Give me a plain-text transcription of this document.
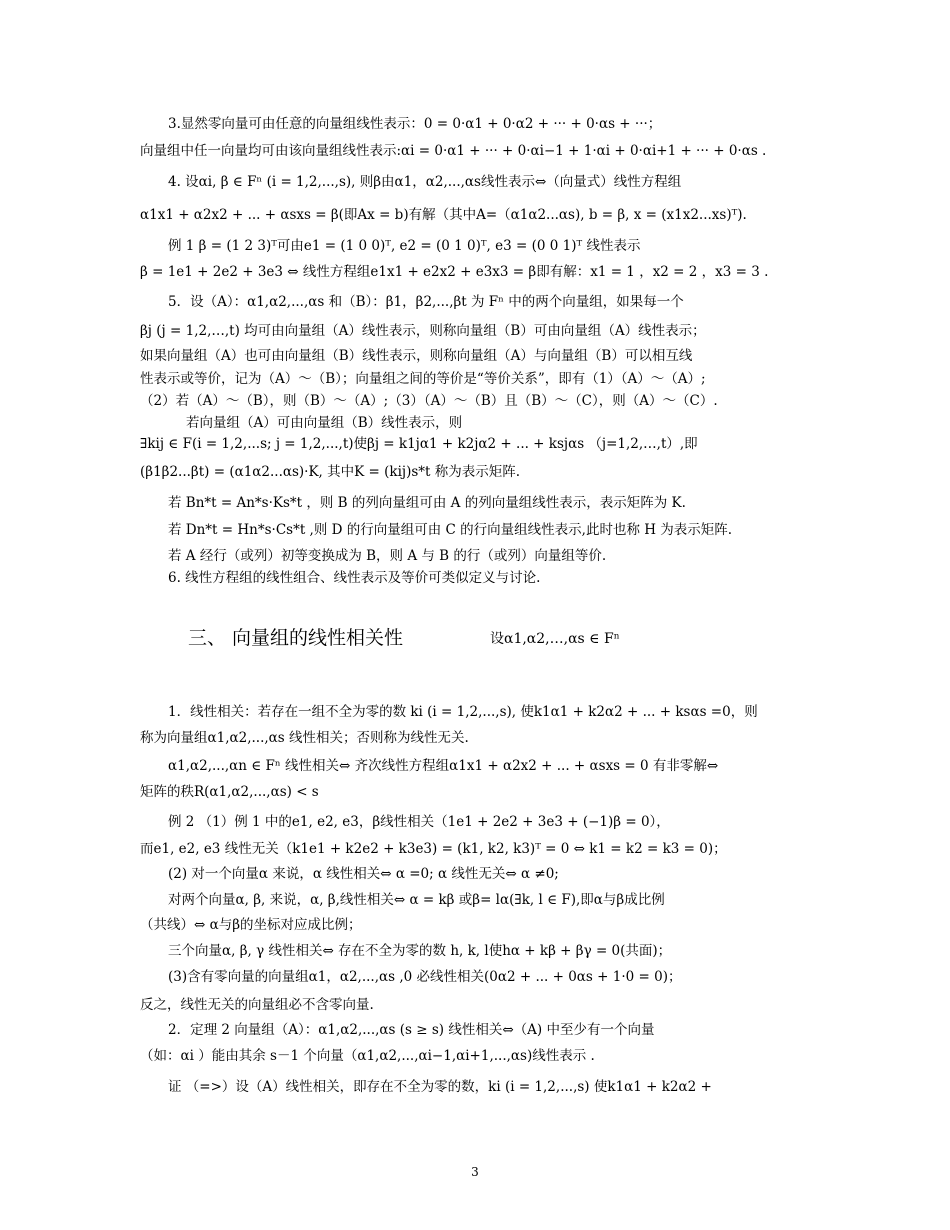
3.显然零向量可由任意的向量组线性表示：0 = 0·α1 + 0·α2 + ··· + 0·αs + ···；
向量组中任一向量均可由该向量组线性表示:αi = 0·α1 + ··· + 0·αi−1 + 1·αi + 0·αi+1 + ··· + 0·αs .
4. 设αi, β ∈ Fⁿ (i = 1,2,...,s), 则β由α1，α2,...,αs线性表示⇔（向量式）线性方程组
α1x1 + α2x2 + ... + αsxs = β(即Ax = b)有解（其中A=（α1α2...αs), b = β, x = (x1x2...xs)ᵀ).
例 1 β = (1 2 3)ᵀ可由e1 = (1 0 0)ᵀ, e2 = (0 1 0)ᵀ, e3 = (0 0 1)ᵀ 线性表示
β = 1e1 + 2e2 + 3e3 ⇔ 线性方程组e1x1 + e2x2 + e3x3 = β即有解：x1 = 1 ，x2 = 2 ，x3 = 3 .
5．设（A）：α1,α2,...,αs 和（B）：β1，β2,...,βt 为 Fⁿ 中的两个向量组，如果每一个
βj (j = 1,2,…,t) 均可由向量组（A）线性表示，则称向量组（B）可由向量组（A）线性表示；
如果向量组（A）也可由向量组（B）线性表示，则称向量组（A）与向量组（B）可以相互线
性表示或等价，记为（A）～（B）；向量组之间的等价是“等价关系”，即有（1）（A）～（A）;
（2）若（A）～（B），则（B）～（A）;（3）（A）～（B）且（B）～（C），则（A）～（C）.
若向量组（A）可由向量组（B）线性表示，则
∃kij ∈ F(i = 1,2,...s; j = 1,2,...,t)使βj = k1jα1 + k2jα2 + ... + ksjαs （j=1,2,…,t）,即
(β1β2...βt) = (α1α2...αs)·K, 其中K = (kij)s*t 称为表示矩阵.
若 Bn*t = An*s·Ks*t ，则 B 的列向量组可由 A 的列向量组线性表示，表示矩阵为 K.
若 Dn*t = Hn*s·Cs*t ,则 D 的行向量组可由 C 的行向量组线性表示,此时也称 H 为表示矩阵.
若 A 经行（或列）初等变换成为 B，则 A 与 B 的行（或列）向量组等价.
6. 线性方程组的线性组合、线性表示及等价可类似定义与讨论.
三、 向量组的线性相关性	设α1,α2,…,αs ∈ Fⁿ
1．线性相关：若存在一组不全为零的数 ki (i = 1,2,...,s), 使k1α1 + k2α2 + ... + ksαs =0，则
称为向量组α1,α2,...,αs 线性相关；否则称为线性无关.
α1,α2,...,αn ∈ Fⁿ 线性相关⇔ 齐次线性方程组α1x1 + α2x2 + ... + αsxs = 0 有非零解⇔
矩阵的秩R(α1,α2,...,αs) < s
例 2 （1）例 1 中的e1, e2, e3，β线性相关（1e1 + 2e2 + 3e3 + (−1)β = 0），
而e1, e2, e3 线性无关（k1e1 + k2e2 + k3e3) = (k1, k2, k3)ᵀ = 0 ⇔ k1 = k2 = k3 = 0)；
(2) 对一个向量α 来说，α 线性相关⇔ α =0; α 线性无关⇔ α ≠0;
对两个向量α, β, 来说，α, β,线性相关⇔ α = kβ 或β= lα(∃k, l ∈ F),即α与β成比例
（共线）⇔ α与β的坐标对应成比例；
三个向量α, β, γ 线性相关⇔ 存在不全为零的数 h, k, l使hα + kβ + βγ = 0(共面)；
(3)含有零向量的向量组α1，α2,...,αs ,0 必线性相关(0α2 + ... + 0αs + 1·0 = 0)；
反之，线性无关的向量组必不含零向量.
2．定理 2 向量组（A）：α1,α2,...,αs (s ≥ s) 线性相关⇔（A) 中至少有一个向量
（如：αi ）能由其余 s－1 个向量（α1,α2,...,αi−1,αi+1,...,αs)线性表示 .
证 （=>）设（A）线性相关，即存在不全为零的数，ki (i = 1,2,...,s) 使k1α1 + k2α2 +
3
